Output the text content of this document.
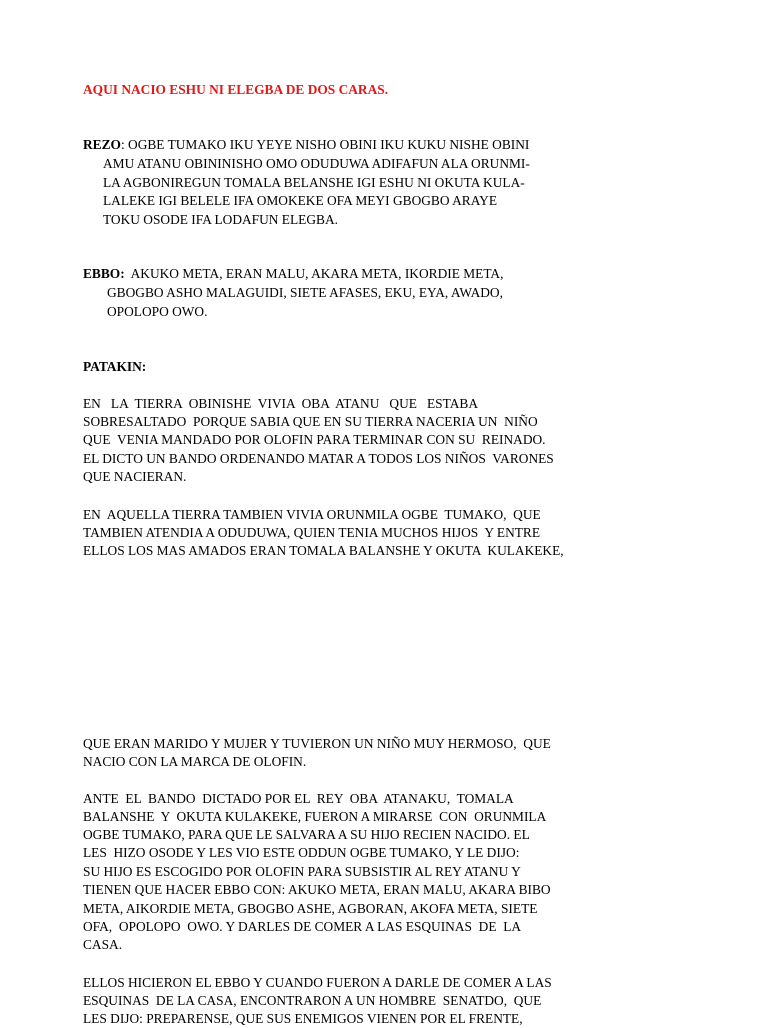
AQUI NACIO ESHU NI ELEGBA DE DOS CARAS.
REZO: OGBE TUMAKO IKU YEYE NISHO OBINI IKU KUKU NISHE OBINI
AMU ATANU OBININISHO OMO ODUDUWA ADIFAFUN ALA ORUNMI-
LA AGBONIREGUN TOMALA BELANSHE IGI ESHU NI OKUTA KULA-
LALEKE IGI BELELE IFA OMOKEKE OFA MEYI GBOGBO ARAYE
TOKU OSODE IFA LODAFUN ELEGBA.
EBBO:  AKUKO META, ERAN MALU, AKARA META, IKORDIE META,
GBOGBO ASHO MALAGUIDI, SIETE AFASES, EKU, EYA, AWADO,
OPOLOPO OWO.
PATAKIN:
EN   LA  TIERRA  OBINISHE  VIVIA  OBA  ATANU   QUE   ESTABA
SOBRESALTADO  PORQUE SABIA QUE EN SU TIERRA NACERIA UN  NIÑO
QUE  VENIA MANDADO POR OLOFIN PARA TERMINAR CON SU  REINADO.
EL DICTO UN BANDO ORDENANDO MATAR A TODOS LOS NIÑOS  VARONES
QUE NACIERAN.
EN  AQUELLA TIERRA TAMBIEN VIVIA ORUNMILA OGBE  TUMAKO,  QUE
TAMBIEN ATENDIA A ODUDUWA, QUIEN TENIA MUCHOS HIJOS  Y ENTRE
ELLOS LOS MAS AMADOS ERAN TOMALA BALANSHE Y OKUTA  KULAKEKE,
QUE ERAN MARIDO Y MUJER Y TUVIERON UN NIÑO MUY HERMOSO,  QUE
NACIO CON LA MARCA DE OLOFIN.
ANTE  EL  BANDO  DICTADO POR EL  REY  OBA  ATANAKU,  TOMALA
BALANSHE  Y  OKUTA KULAKEKE, FUERON A MIRARSE  CON  ORUNMILA
OGBE TUMAKO, PARA QUE LE SALVARA A SU HIJO RECIEN NACIDO. EL
LES  HIZO OSODE Y LES VIO ESTE ODDUN OGBE TUMAKO, Y LE DIJO:
SU HIJO ES ESCOGIDO POR OLOFIN PARA SUBSISTIR AL REY ATANU Y
TIENEN QUE HACER EBBO CON: AKUKO META, ERAN MALU, AKARA BIBO
META, AIKORDIE META, GBOGBO ASHE, AGBORAN, AKOFA META, SIETE
OFA,  OPOLOPO  OWO. Y DARLES DE COMER A LAS ESQUINAS  DE  LA
CASA.
ELLOS HICIERON EL EBBO Y CUANDO FUERON A DARLE DE COMER A LAS
ESQUINAS  DE LA CASA, ENCONTRARON A UN HOMBRE  SENATDO,  QUE
LES DIJO: PREPARENSE, QUE SUS ENEMIGOS VIENEN POR EL FRENTE,
